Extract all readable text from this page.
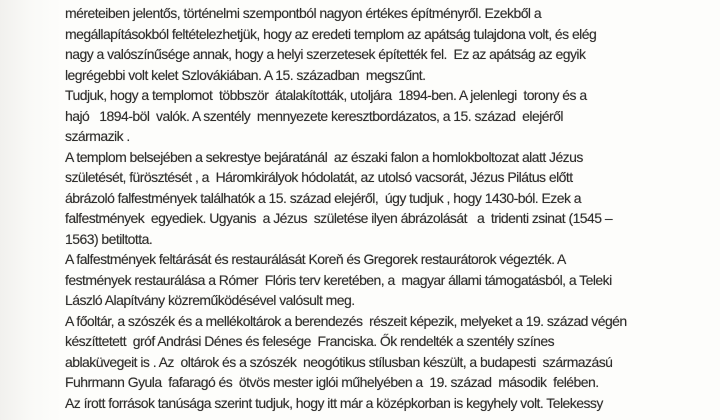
méreteiben jelentős, történelmi szempontból nagyon értékes építményről. Ezekből a
megállapításokból feltételezhetjük, hogy az eredeti templom az apátság tulajdona volt, és elég
nagy a valószínűsége annak, hogy a helyi szerzetesek építették fel.  Ez az apátság az egyik
legrégebbi volt kelet Szlovákiában. A 15. században  megszűnt.
Tudjuk, hogy a templomot  többször  átalakították, utoljára  1894-ben. A jelenlegi  torony és a
hajó   1894-böl  valók. A szentély  mennyezete keresztbordázatos, a 15. század  elejéről
származik .
A templom belsejében a sekrestye bejáratánál  az északi falon a homlokboltozat alatt Jézus
születését, fürösztését , a  Háromkirályok hódolatát, az utolsó vacsorát, Jézus Pilátus előtt
ábrázoló falfestmények találhatók a 15. század elejéről,  úgy tudjuk , hogy 1430-ból. Ezek a
falfestmények  egyediek. Ugyanis  a Jézus  születése ilyen ábrázolását   a  tridenti zsinat (1545 –
1563) betiltotta.
A falfestmények feltárását és restaurálását Koreň és Gregorek restaurátorok végezték. A
festmények restaurálása a Rómer  Flóris terv keretében, a  magyar állami támogatásból, a Teleki
László Alapítvány közreműködésével valósult meg.
A főoltár, a szószék és a mellékoltárok a berendezés  részeit képezik, melyeket a 19. század végén
készíttetett  gróf Andrási Dénes és felesége  Franciska. Ők rendelték a szentély színes
ablaküvegeit is . Az  oltárok és a szószék  neogótikus stílusban készült, a budapesti  származású
Fuhrmann Gyula  fafaragó és  ötvös mester iglói műhelyében a  19. század  második  felében.
Az írott források tanúsága szerint tudjuk, hogy itt már a középkorban is kegyhely volt. Telekessy
